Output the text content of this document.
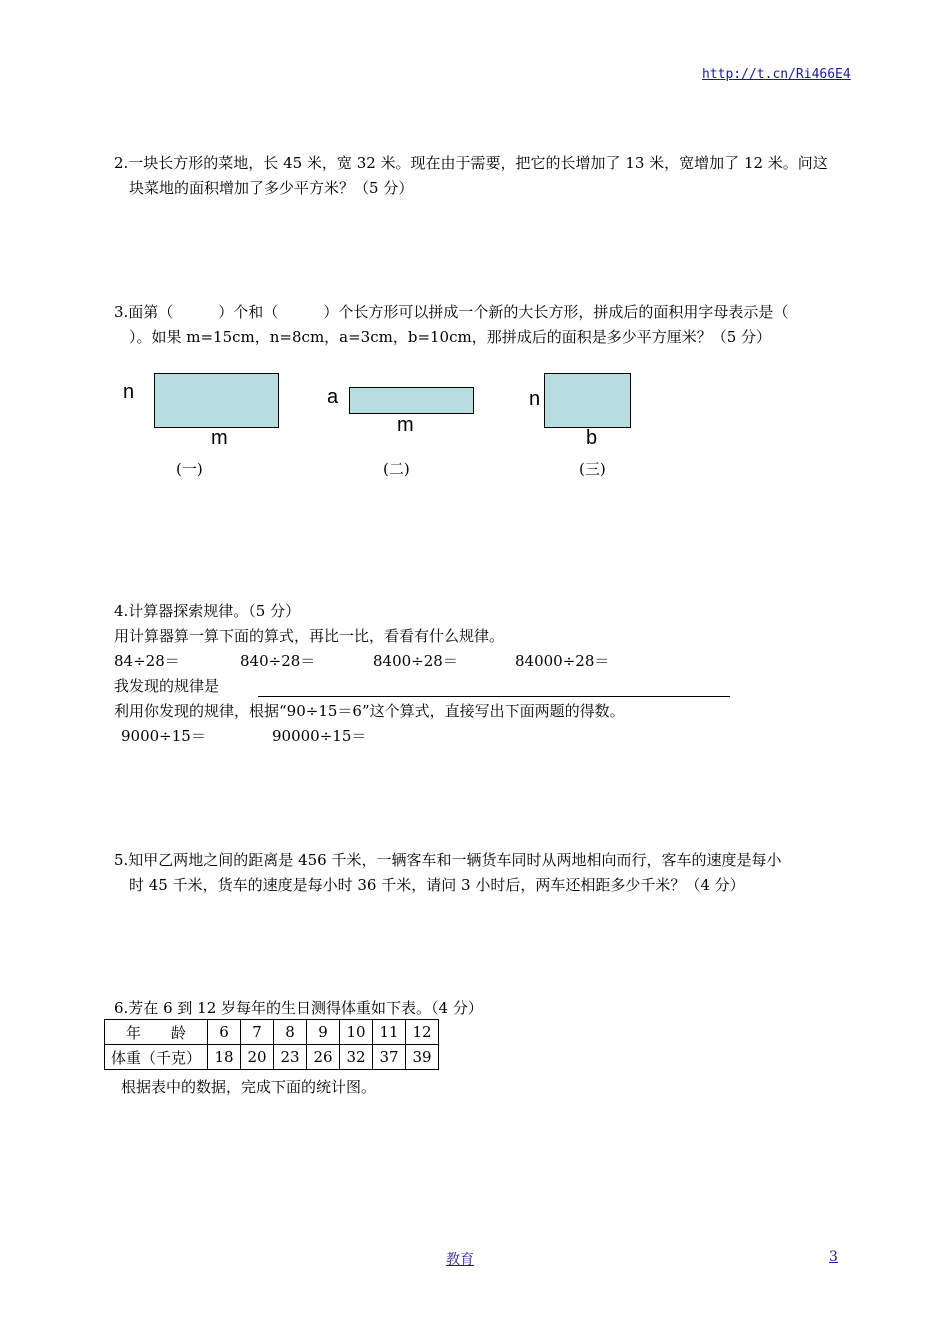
http://t.cn/Ri466E4
2.一块长方形的菜地，长 45 米，宽 32 米。现在由于需要，把它的长增加了 13 米，宽增加了 12 米。问这
块菜地的面积增加了多少平方米？（5 分）
3.面第（　　　）个和（　　　）个长方形可以拼成一个新的大长方形，拼成后的面积用字母表示是（
）。如果 m=15cm，n=8cm，a=3cm，b=10cm，那拼成后的面积是多少平方厘米？（5 分）
n
m
(一)
a
m
(二)
n
b
(三)
4.计算器探索规律。（5 分）
用计算器算一算下面的算式，再比一比，看看有什么规律。
84÷28＝	840÷28＝	8400÷28＝	84000÷28＝
我发现的规律是
利用你发现的规律，根据“90÷15＝6”这个算式，直接写出下面两题的得数。
9000÷15＝	90000÷15＝
5.知甲乙两地之间的距离是 456 千米，一辆客车和一辆货车同时从两地相向而行，客车的速度是每小
时 45 千米，货车的速度是每小时 36 千米，请问 3 小时后，两车还相距多少千米？（4 分）
6.芳在 6 到 12 岁每年的生日测得体重如下表。（4 分）
年　　龄	6	7	8	9	10	11	12
体重（千克）	18	20	23	26	32	37	39
根据表中的数据，完成下面的统计图。
教育	3
